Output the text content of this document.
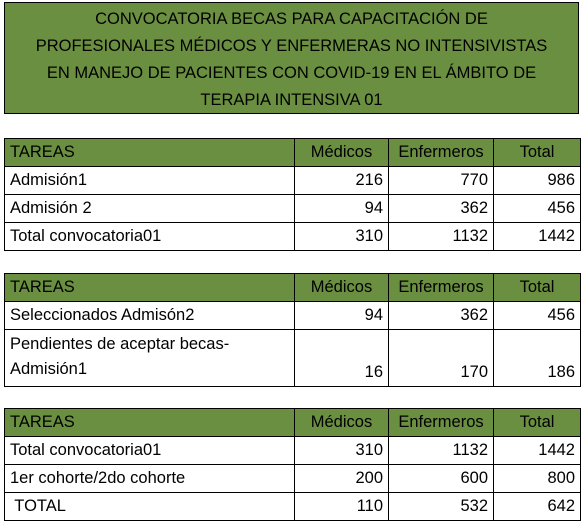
CONVOCATORIA BECAS PARA CAPACITACIÓN DE
PROFESIONALES MÉDICOS Y ENFERMERAS NO INTENSIVISTAS
EN MANEJO DE PACIENTES CON COVID-19 EN EL ÁMBITO DE
TERAPIA INTENSIVA 01
TAREAS	Médicos	Enfermeros	Total
Admisión1	216	770	986
Admisión 2	94	362	456
Total convocatoria01	310	1132	1442
TAREAS	Médicos	Enfermeros	Total
Seleccionados Admisón2	94	362	456
Pendientes de aceptar becas-Admisión1	16	170	186
TAREAS	Médicos	Enfermeros	Total
Total convocatoria01	310	1132	1442
1er cohorte/2do cohorte	200	600	800
TOTAL	110	532	642
